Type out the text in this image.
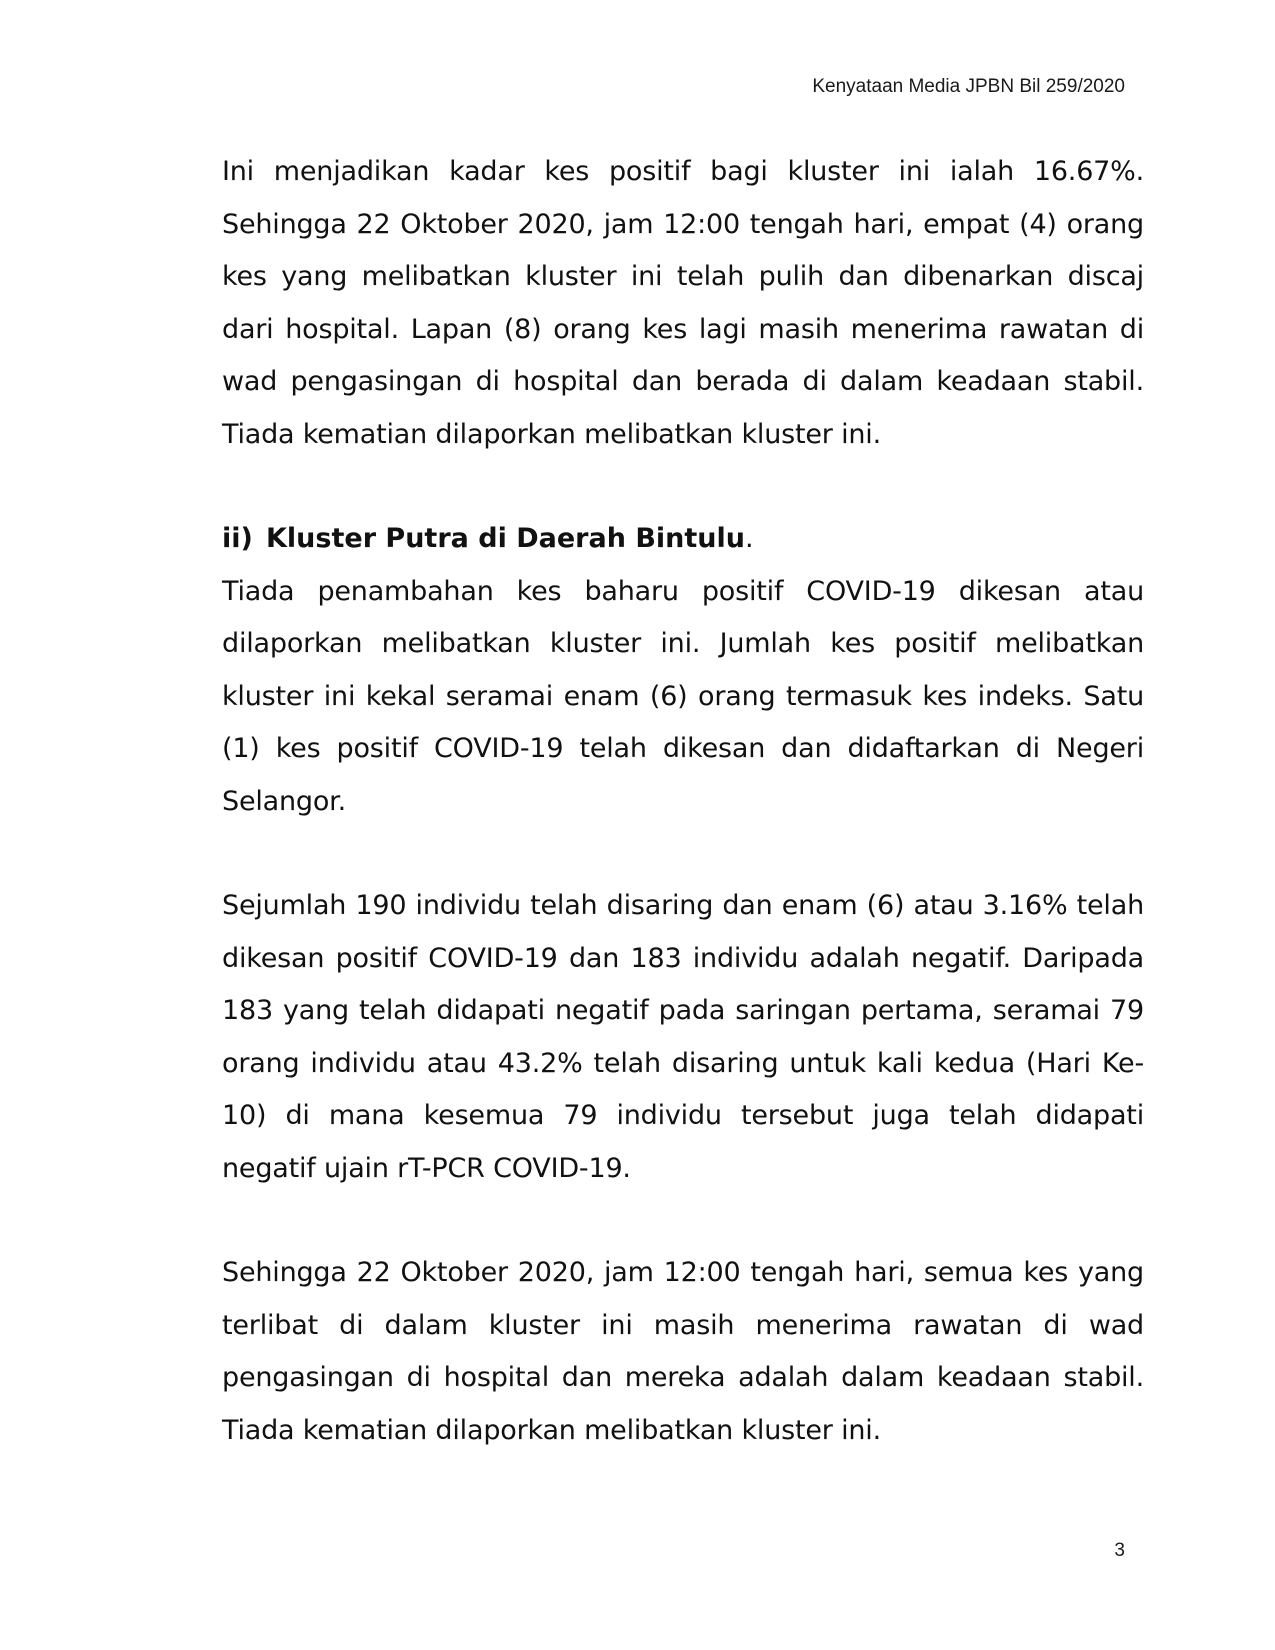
Kenyataan Media JPBN Bil 259/2020

Ini menjadikan kadar kes positif bagi kluster ini ialah 16.67%. Sehingga 22 Oktober 2020, jam 12:00 tengah hari, empat (4) orang kes yang melibatkan kluster ini telah pulih dan dibenarkan discaj dari hospital. Lapan (8) orang kes lagi masih menerima rawatan di wad pengasingan di hospital dan berada di dalam keadaan stabil. Tiada kematian dilaporkan melibatkan kluster ini.

ii) Kluster Putra di Daerah Bintulu.

Tiada penambahan kes baharu positif COVID-19 dikesan atau dilaporkan melibatkan kluster ini. Jumlah kes positif melibatkan kluster ini kekal seramai enam (6) orang termasuk kes indeks. Satu (1) kes positif COVID-19 telah dikesan dan didaftarkan di Negeri Selangor.

Sejumlah 190 individu telah disaring dan enam (6) atau 3.16% telah dikesan positif COVID-19 dan 183 individu adalah negatif. Daripada 183 yang telah didapati negatif pada saringan pertama, seramai 79 orang individu atau 43.2% telah disaring untuk kali kedua (Hari Ke-10) di mana kesemua 79 individu tersebut juga telah didapati negatif ujain rT-PCR COVID-19.

Sehingga 22 Oktober 2020, jam 12:00 tengah hari, semua kes yang terlibat di dalam kluster ini masih menerima rawatan di wad pengasingan di hospital dan mereka adalah dalam keadaan stabil. Tiada kematian dilaporkan melibatkan kluster ini.

3
